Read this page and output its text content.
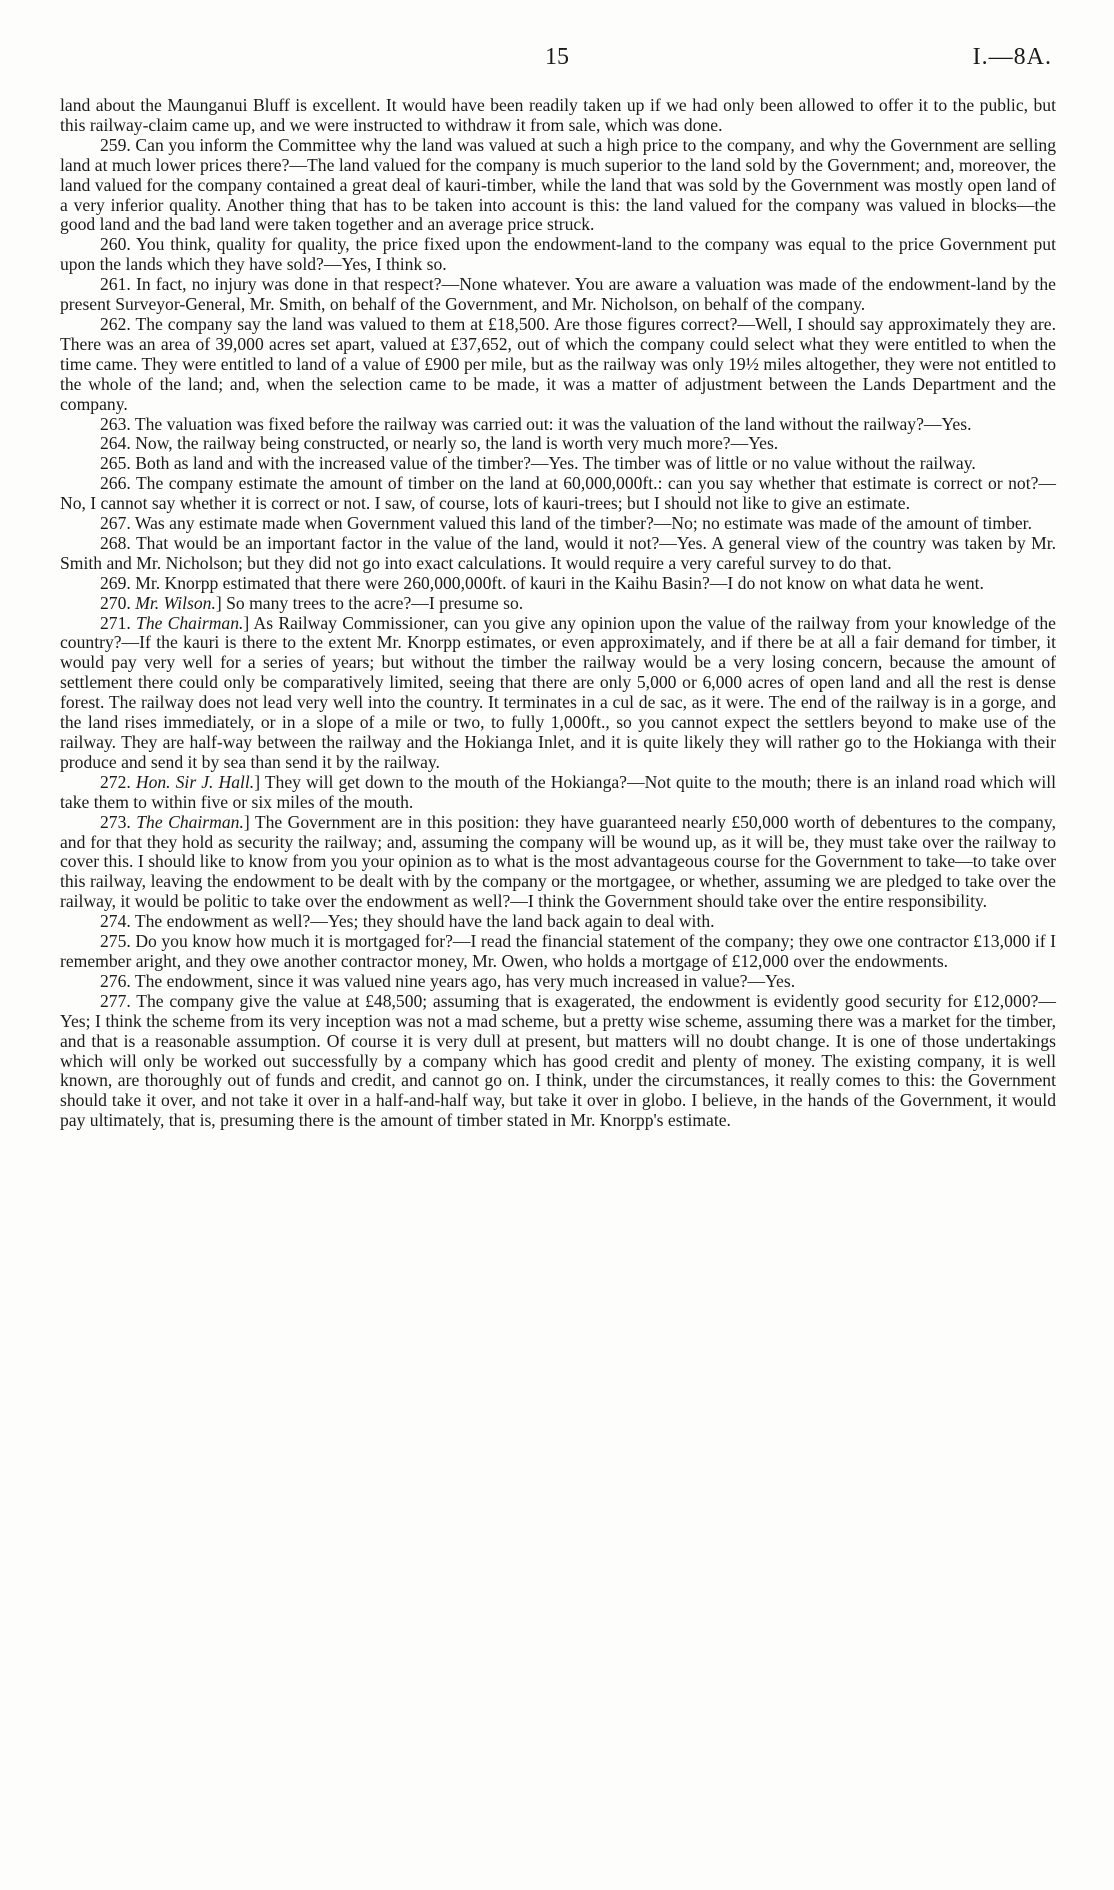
15	I.—8A.

land about the Maunganui Bluff is excellent. It would have been readily taken up if we had only been allowed to offer it to the public, but this railway-claim came up, and we were instructed to withdraw it from sale, which was done.

259. Can you inform the Committee why the land was valued at such a high price to the company, and why the Government are selling land at much lower prices there?—The land valued for the company is much superior to the land sold by the Government; and, moreover, the land valued for the company contained a great deal of kauri-timber, while the land that was sold by the Government was mostly open land of a very inferior quality. Another thing that has to be taken into account is this: the land valued for the company was valued in blocks—the good land and the bad land were taken together and an average price struck.

260. You think, quality for quality, the price fixed upon the endowment-land to the company was equal to the price Government put upon the lands which they have sold?—Yes, I think so.

261. In fact, no injury was done in that respect?—None whatever. You are aware a valuation was made of the endowment-land by the present Surveyor-General, Mr. Smith, on behalf of the Government, and Mr. Nicholson, on behalf of the company.

262. The company say the land was valued to them at £18,500. Are those figures correct?—Well, I should say approximately they are. There was an area of 39,000 acres set apart, valued at £37,652, out of which the company could select what they were entitled to when the time came. They were entitled to land of a value of £900 per mile, but as the railway was only 19½ miles altogether, they were not entitled to the whole of the land; and, when the selection came to be made, it was a matter of adjustment between the Lands Department and the company.

263. The valuation was fixed before the railway was carried out: it was the valuation of the land without the railway?—Yes.

264. Now, the railway being constructed, or nearly so, the land is worth very much more?—Yes.

265. Both as land and with the increased value of the timber?—Yes. The timber was of little or no value without the railway.

266. The company estimate the amount of timber on the land at 60,000,000ft.: can you say whether that estimate is correct or not?—No, I cannot say whether it is correct or not. I saw, of course, lots of kauri-trees; but I should not like to give an estimate.

267. Was any estimate made when Government valued this land of the timber?—No; no estimate was made of the amount of timber.

268. That would be an important factor in the value of the land, would it not?—Yes. A general view of the country was taken by Mr. Smith and Mr. Nicholson; but they did not go into exact calculations. It would require a very careful survey to do that.

269. Mr. Knorpp estimated that there were 260,000,000ft. of kauri in the Kaihu Basin?—I do not know on what data he went.

270. Mr. Wilson.] So many trees to the acre?—I presume so.

271. The Chairman.] As Railway Commissioner, can you give any opinion upon the value of the railway from your knowledge of the country?—If the kauri is there to the extent Mr. Knorpp estimates, or even approximately, and if there be at all a fair demand for timber, it would pay very well for a series of years; but without the timber the railway would be a very losing concern, because the amount of settlement there could only be comparatively limited, seeing that there are only 5,000 or 6,000 acres of open land and all the rest is dense forest. The railway does not lead very well into the country. It terminates in a cul de sac, as it were. The end of the railway is in a gorge, and the land rises immediately, or in a slope of a mile or two, to fully 1,000ft., so you cannot expect the settlers beyond to make use of the railway. They are half-way between the railway and the Hokianga Inlet, and it is quite likely they will rather go to the Hokianga with their produce and send it by sea than send it by the railway.

272. Hon. Sir J. Hall.] They will get down to the mouth of the Hokianga?—Not quite to the mouth; there is an inland road which will take them to within five or six miles of the mouth.

273. The Chairman.] The Government are in this position: they have guaranteed nearly £50,000 worth of debentures to the company, and for that they hold as security the railway; and, assuming the company will be wound up, as it will be, they must take over the railway to cover this. I should like to know from you your opinion as to what is the most advantageous course for the Government to take—to take over this railway, leaving the endowment to be dealt with by the company or the mortgagee, or whether, assuming we are pledged to take over the railway, it would be politic to take over the endowment as well?—I think the Government should take over the entire responsibility.

274. The endowment as well?—Yes; they should have the land back again to deal with.

275. Do you know how much it is mortgaged for?—I read the financial statement of the company; they owe one contractor £13,000 if I remember aright, and they owe another contractor money, Mr. Owen, who holds a mortgage of £12,000 over the endowments.

276. The endowment, since it was valued nine years ago, has very much increased in value?—Yes.

277. The company give the value at £48,500; assuming that is exagerated, the endowment is evidently good security for £12,000?—Yes; I think the scheme from its very inception was not a mad scheme, but a pretty wise scheme, assuming there was a market for the timber, and that is a reasonable assumption. Of course it is very dull at present, but matters will no doubt change. It is one of those undertakings which will only be worked out successfully by a company which has good credit and plenty of money. The existing company, it is well known, are thoroughly out of funds and credit, and cannot go on. I think, under the circumstances, it really comes to this: the Government should take it over, and not take it over in a half-and-half way, but take it over in globo. I believe, in the hands of the Government, it would pay ultimately, that is, presuming there is the amount of timber stated in Mr. Knorpp's estimate.
